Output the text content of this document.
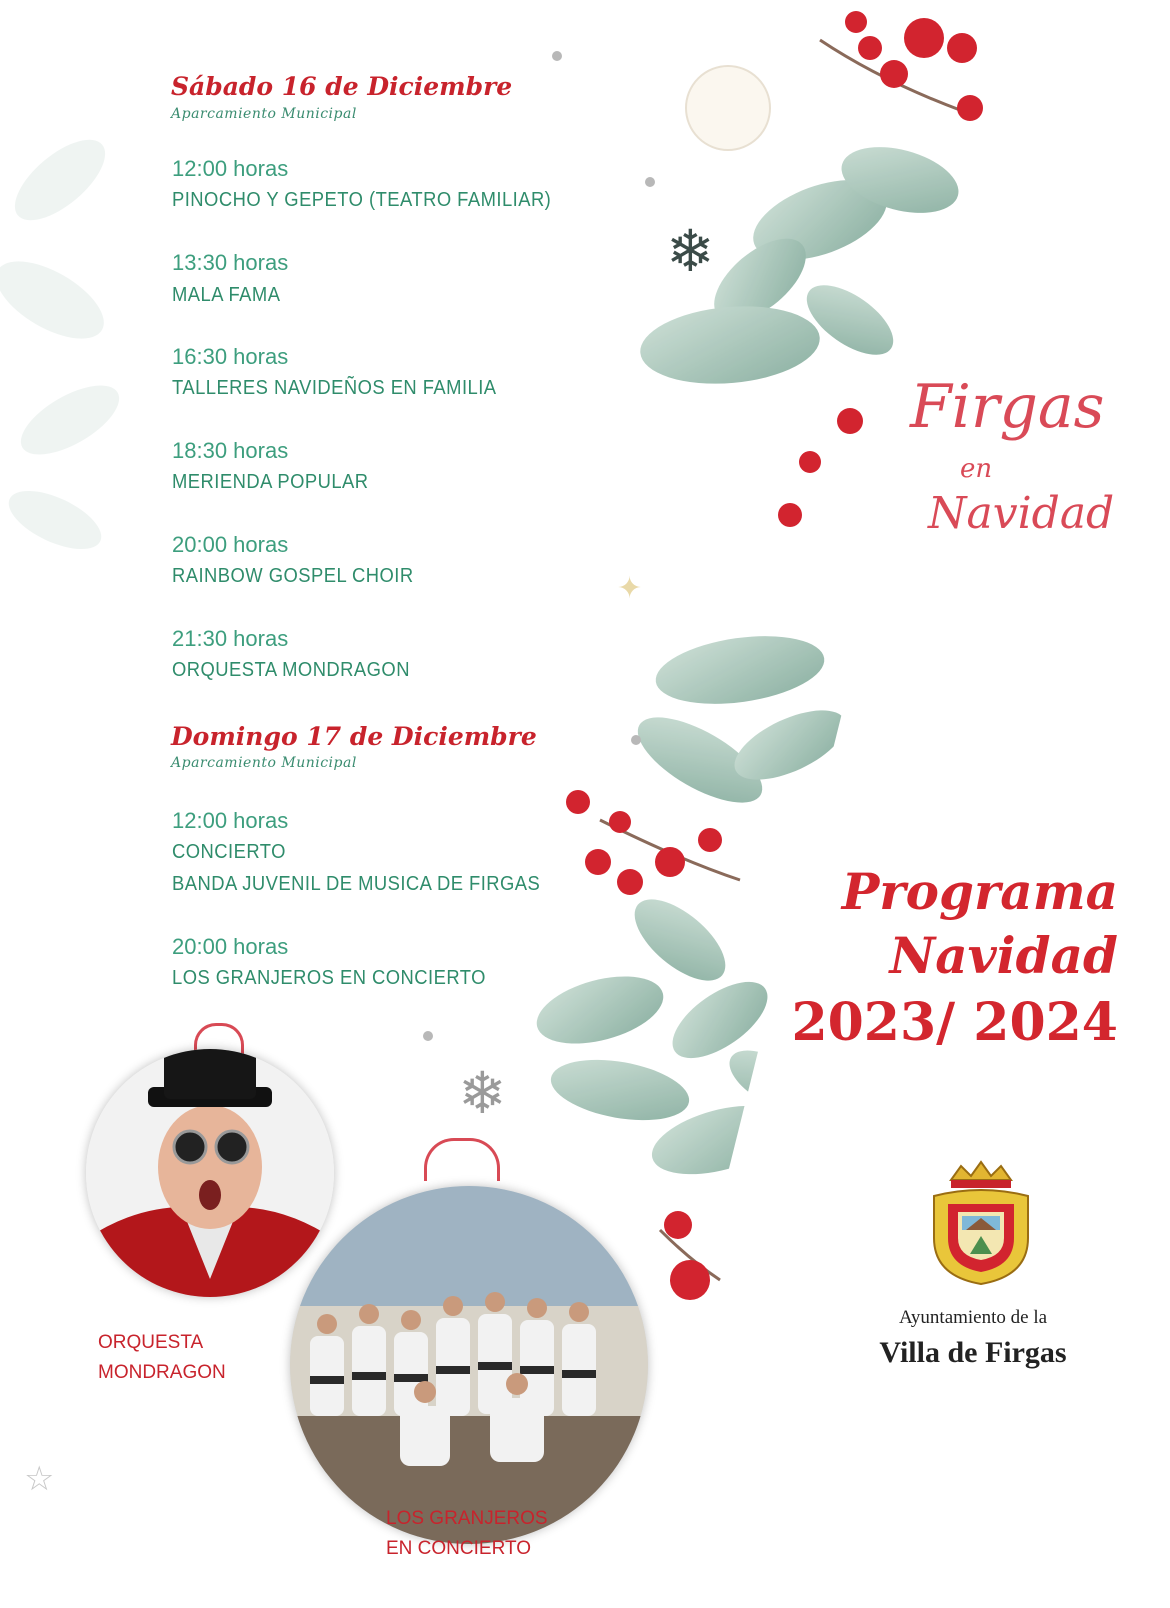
❄
❄
✦
☆
Sábado 16 de Diciembre
Aparcamiento Municipal
12:00 horas
PINOCHO Y GEPETO (TEATRO FAMILIAR)
13:30 horas
MALA FAMA
16:30 horas
TALLERES NAVIDEÑOS EN FAMILIA
18:30 horas
MERIENDA POPULAR
20:00 horas
RAINBOW GOSPEL CHOIR
21:30 horas
ORQUESTA MONDRAGON
Domingo 17 de Diciembre
Aparcamiento Municipal
12:00 horas
CONCIERTO
BANDA JUVENIL DE MUSICA DE FIRGAS
20:00 horas
LOS GRANJEROS EN CONCIERTO
Firgas
en
Navidad
Programa
Navidad
2023/ 2024
Ayuntamiento de la
Villa de Firgas
ORQUESTA
MONDRAGON
LOS GRANJEROS
EN CONCIERTO
